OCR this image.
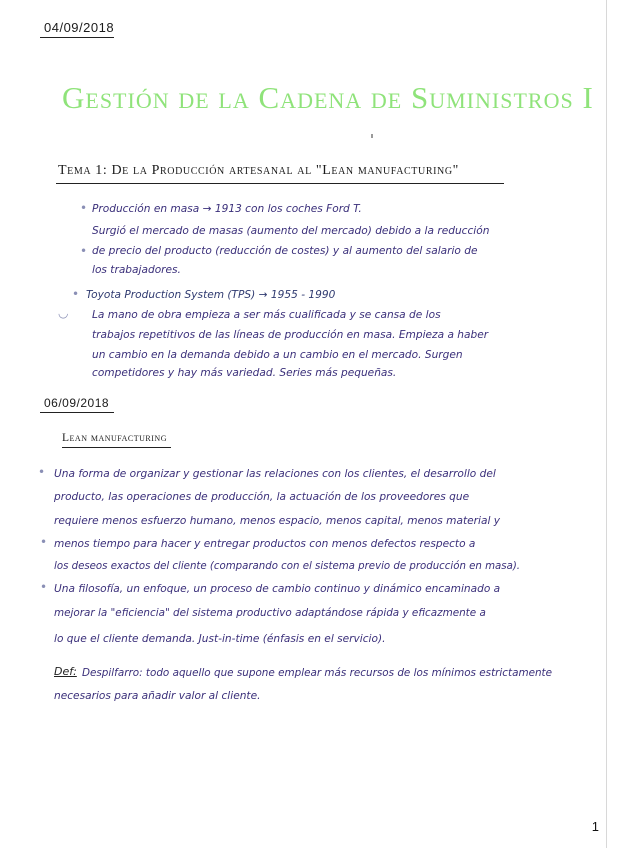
04/09/2018
Gestión de la Cadena de Suministros I
Tema 1: De la Producción artesanal al "Lean manufacturing"
• Producción en masa → 1913 con los coches Ford T.
Surgió el mercado de masas (aumento del mercado) debido a la reducción
• de precio del producto (reducción de costes) y al aumento del salario de
los trabajadores.
• Toyota Production System (TPS) → 1955 - 1990
◡ La mano de obra empieza a ser más cualificada y se cansa de los
trabajos repetitivos de las líneas de producción en masa. Empieza a haber
un cambio en la demanda debido a un cambio en el mercado. Surgen
competidores y hay más variedad. Series más pequeñas.
06/09/2018
Lean manufacturing
• Una forma de organizar y gestionar las relaciones con los clientes, el desarrollo del
producto, las operaciones de producción, la actuación de los proveedores que
requiere menos esfuerzo humano, menos espacio, menos capital, menos material y
• menos tiempo para hacer y entregar productos con menos defectos respecto a
los deseos exactos del cliente (comparando con el sistema previo de producción en masa).
• Una filosofía, un enfoque, un proceso de cambio continuo y dinámico encaminado a
mejorar la "eficiencia" del sistema productivo adaptándose rápida y eficazmente a
lo que el cliente demanda. Just-in-time (énfasis en el servicio).
Def: Despilfarro: todo aquello que supone emplear más recursos de los mínimos estrictamente
necesarios para añadir valor al cliente.
1
